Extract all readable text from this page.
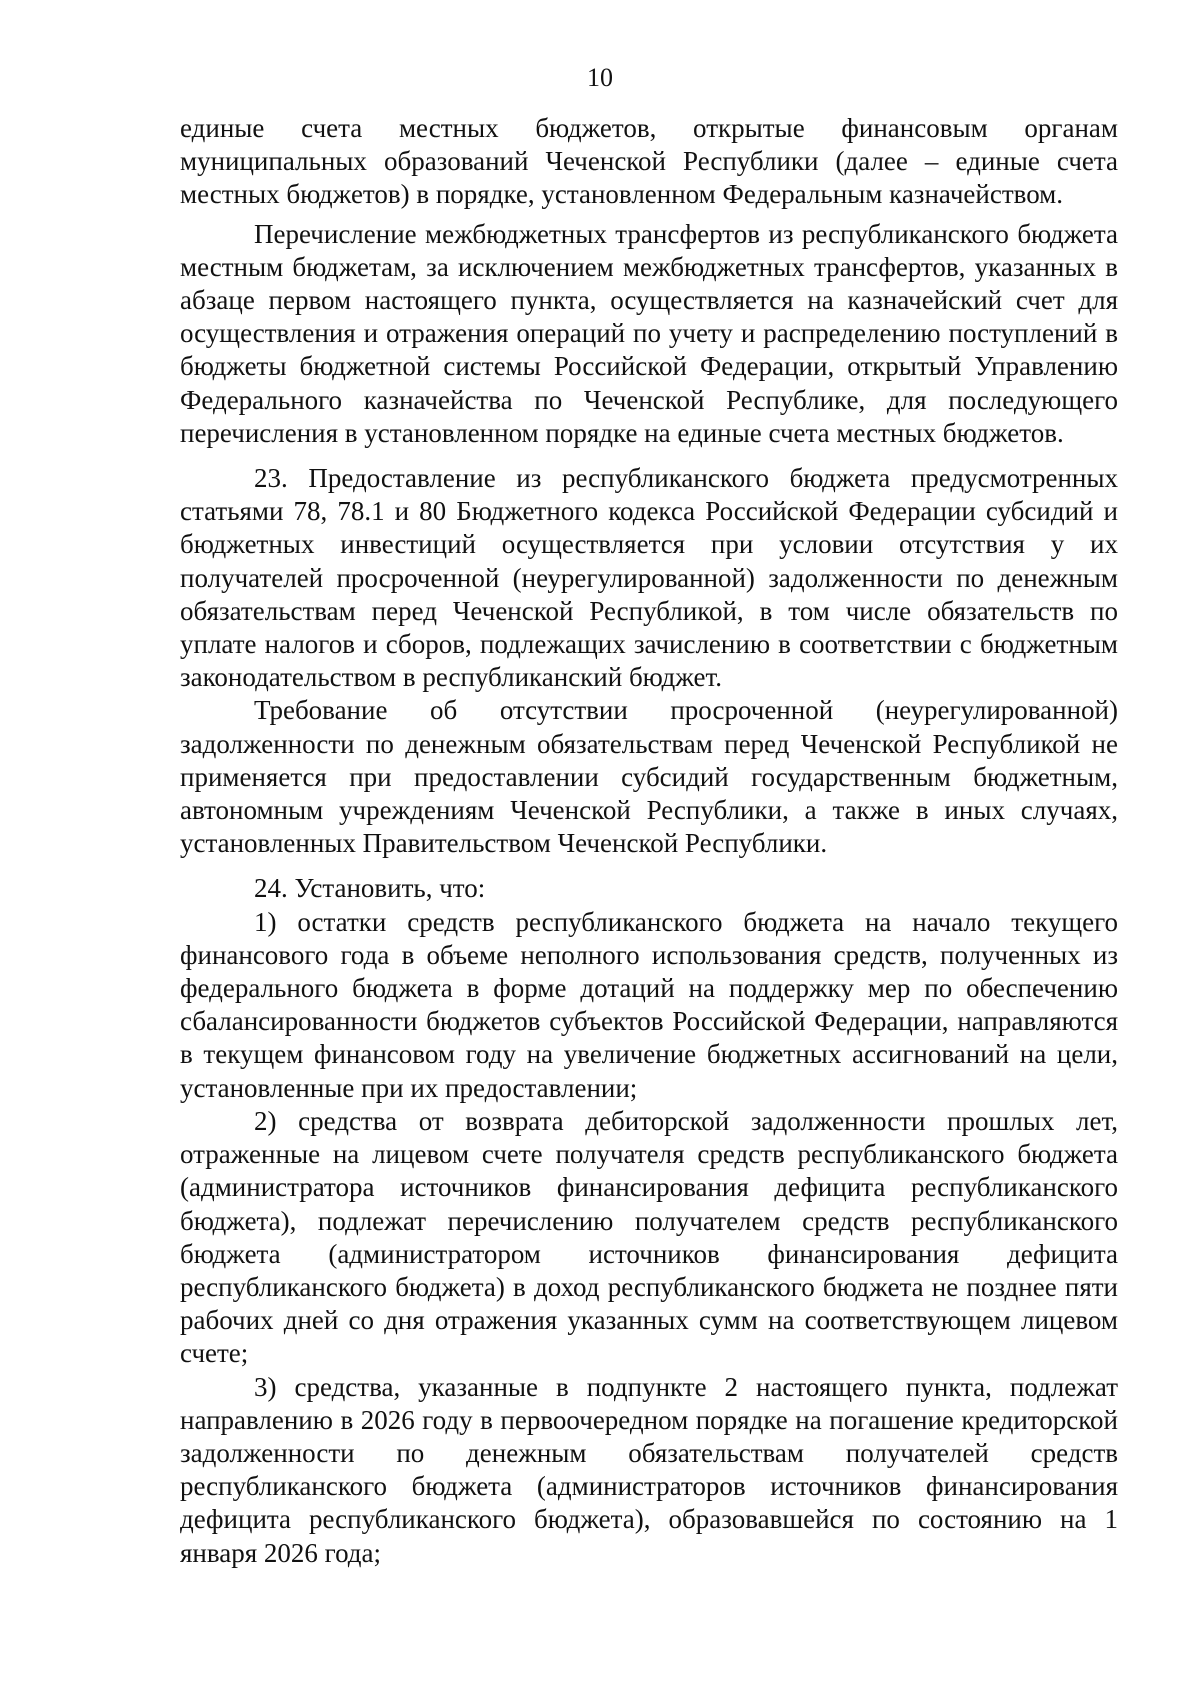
10

единые счета местных бюджетов, открытые финансовым органам муниципальных образований Чеченской Республики (далее – единые счета местных бюджетов) в порядке, установленном Федеральным казначейством.

Перечисление межбюджетных трансфертов из республиканского бюджета местным бюджетам, за исключением межбюджетных трансфертов, указанных в абзаце первом настоящего пункта, осуществляется на казначейский счет для осуществления и отражения операций по учету и распределению поступлений в бюджеты бюджетной системы Российской Федерации, открытый Управлению Федерального казначейства по Чеченской Республике, для последующего перечисления в установленном порядке на единые счета местных бюджетов.

23. Предоставление из республиканского бюджета предусмотренных статьями 78, 78.1 и 80 Бюджетного кодекса Российской Федерации субсидий и бюджетных инвестиций осуществляется при условии отсутствия у их получателей просроченной (неурегулированной) задолженности по денежным обязательствам перед Чеченской Республикой, в том числе обязательств по уплате налогов и сборов, подлежащих зачислению в соответствии с бюджетным законодательством в республиканский бюджет.

Требование об отсутствии просроченной (неурегулированной) задолженности по денежным обязательствам перед Чеченской Республикой не применяется при предоставлении субсидий государственным бюджетным, автономным учреждениям Чеченской Республики, а также в иных случаях, установленных Правительством Чеченской Республики.

24. Установить, что:

1) остатки средств республиканского бюджета на начало текущего финансового года в объеме неполного использования средств, полученных из федерального бюджета в форме дотаций на поддержку мер по обеспечению сбалансированности бюджетов субъектов Российской Федерации, направляются в текущем финансовом году на увеличение бюджетных ассигнований на цели, установленные при их предоставлении;

2) средства от возврата дебиторской задолженности прошлых лет, отраженные на лицевом счете получателя средств республиканского бюджета (администратора источников финансирования дефицита республиканского бюджета), подлежат перечислению получателем средств республиканского бюджета (администратором источников финансирования дефицита республиканского бюджета) в доход республиканского бюджета не позднее пяти рабочих дней со дня отражения указанных сумм на соответствующем лицевом счете;

3) средства, указанные в подпункте 2 настоящего пункта, подлежат направлению в 2026 году в первоочередном порядке на погашение кредиторской задолженности по денежным обязательствам получателей средств республиканского бюджета (администраторов источников финансирования дефицита республиканского бюджета), образовавшейся по состоянию на 1 января 2026 года;
